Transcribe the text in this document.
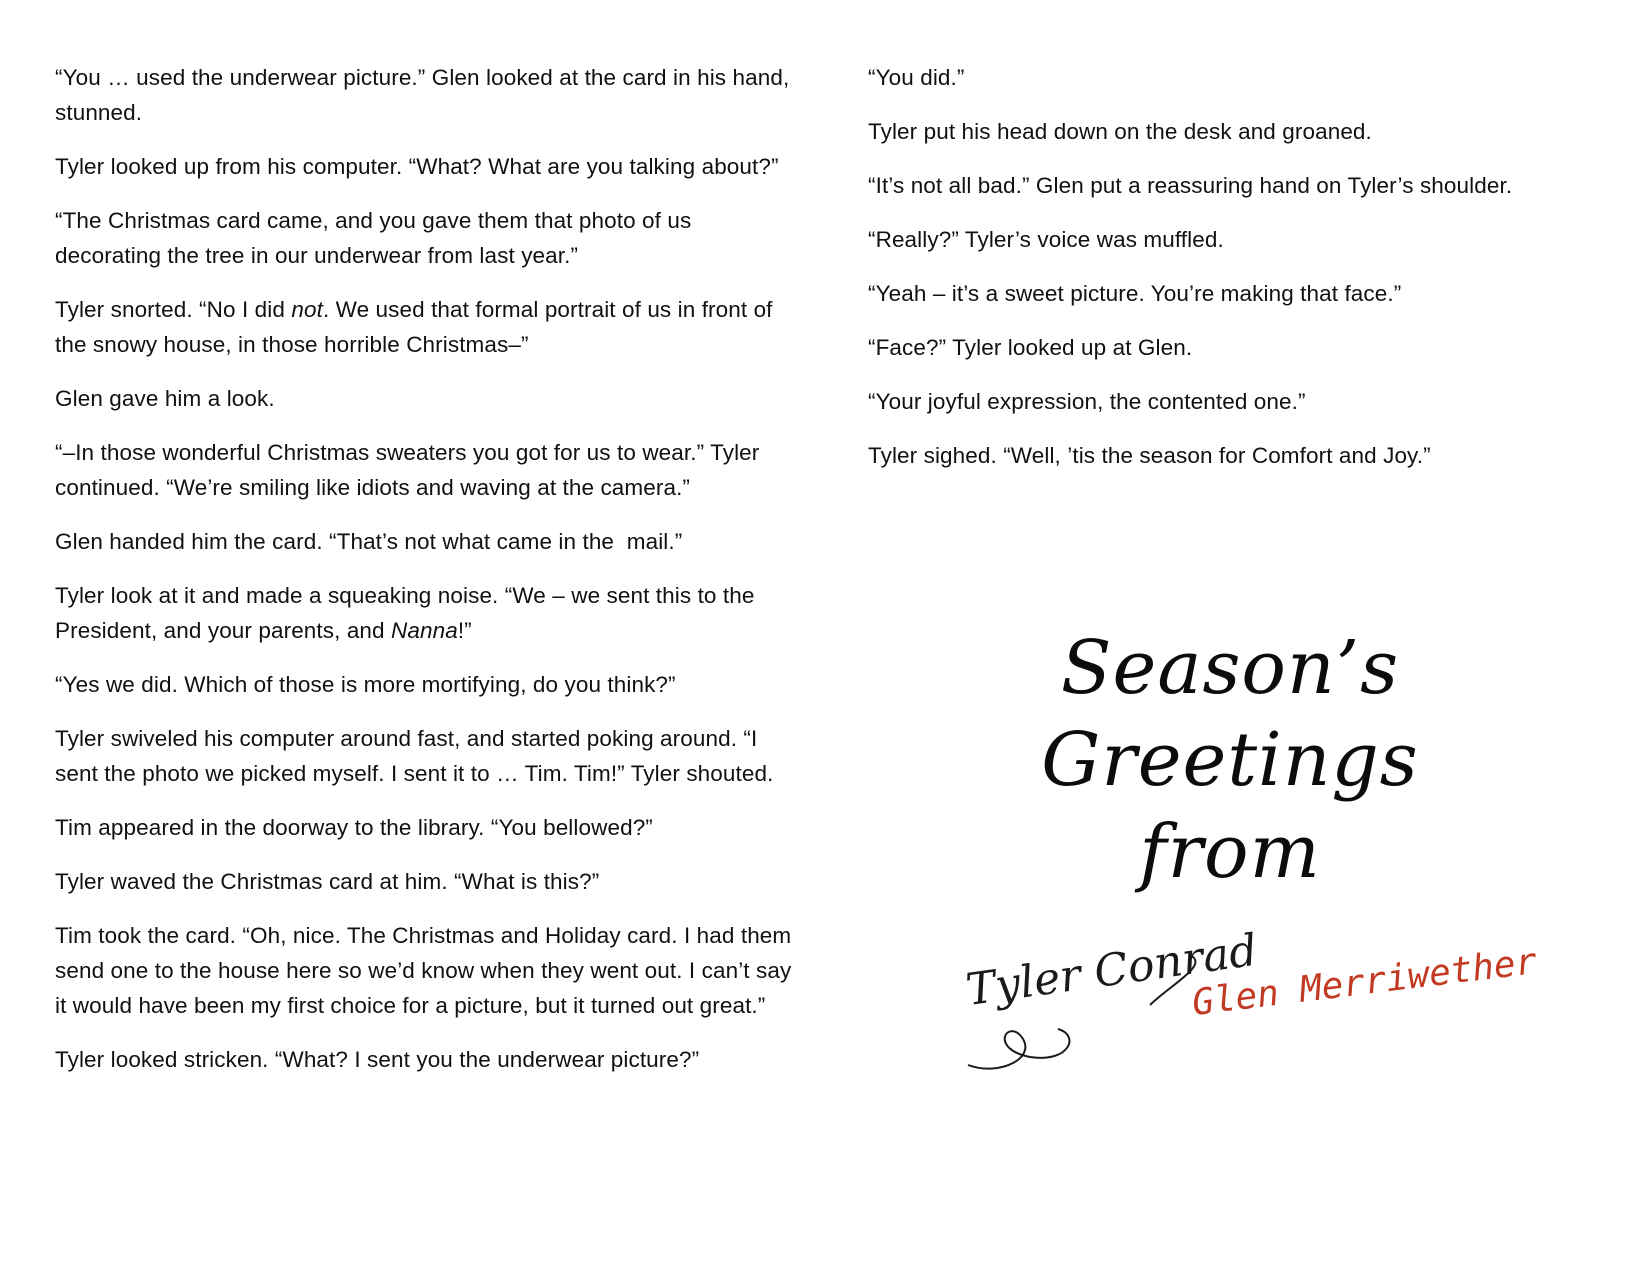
“You … used the underwear picture.” Glen looked at the card in his hand, stunned.

Tyler looked up from his computer. “What? What are you talking about?”

“The Christmas card came, and you gave them that photo of us decorating the tree in our underwear from last year.”

Tyler snorted. “No I did not. We used that formal portrait of us in front of the snowy house, in those horrible Christmas–”

Glen gave him a look.

“–In those wonderful Christmas sweaters you got for us to wear.” Tyler continued. “We’re smiling like idiots and waving at the camera.”

Glen handed him the card. “That’s not what came in the  mail.”

Tyler look at it and made a squeaking noise. “We – we sent this to the President, and your parents, and Nanna!”

“Yes we did. Which of those is more mortifying, do you think?”

Tyler swiveled his computer around fast, and started poking around. “I sent the photo we picked myself. I sent it to … Tim. Tim!” Tyler shouted.

Tim appeared in the doorway to the library. “You bellowed?”

Tyler waved the Christmas card at him. “What is this?”

Tim took the card. “Oh, nice. The Christmas and Holiday card. I had them send one to the house here so we’d know when they went out. I can’t say it would have been my first choice for a picture, but it turned out great.”

Tyler looked stricken. “What? I sent you the underwear picture?”

“You did.”

Tyler put his head down on the desk and groaned.

“It’s not all bad.” Glen put a reassuring hand on Tyler’s shoulder.

“Really?” Tyler’s voice was muffled.

“Yeah – it’s a sweet picture. You’re making that face.”

“Face?” Tyler looked up at Glen.

“Your joyful expression, the contented one.”

Tyler sighed. “Well, ’tis the season for Comfort and Joy.”

Season’s
Greetings
from
Tyler Conrad
Glen Merriwether
